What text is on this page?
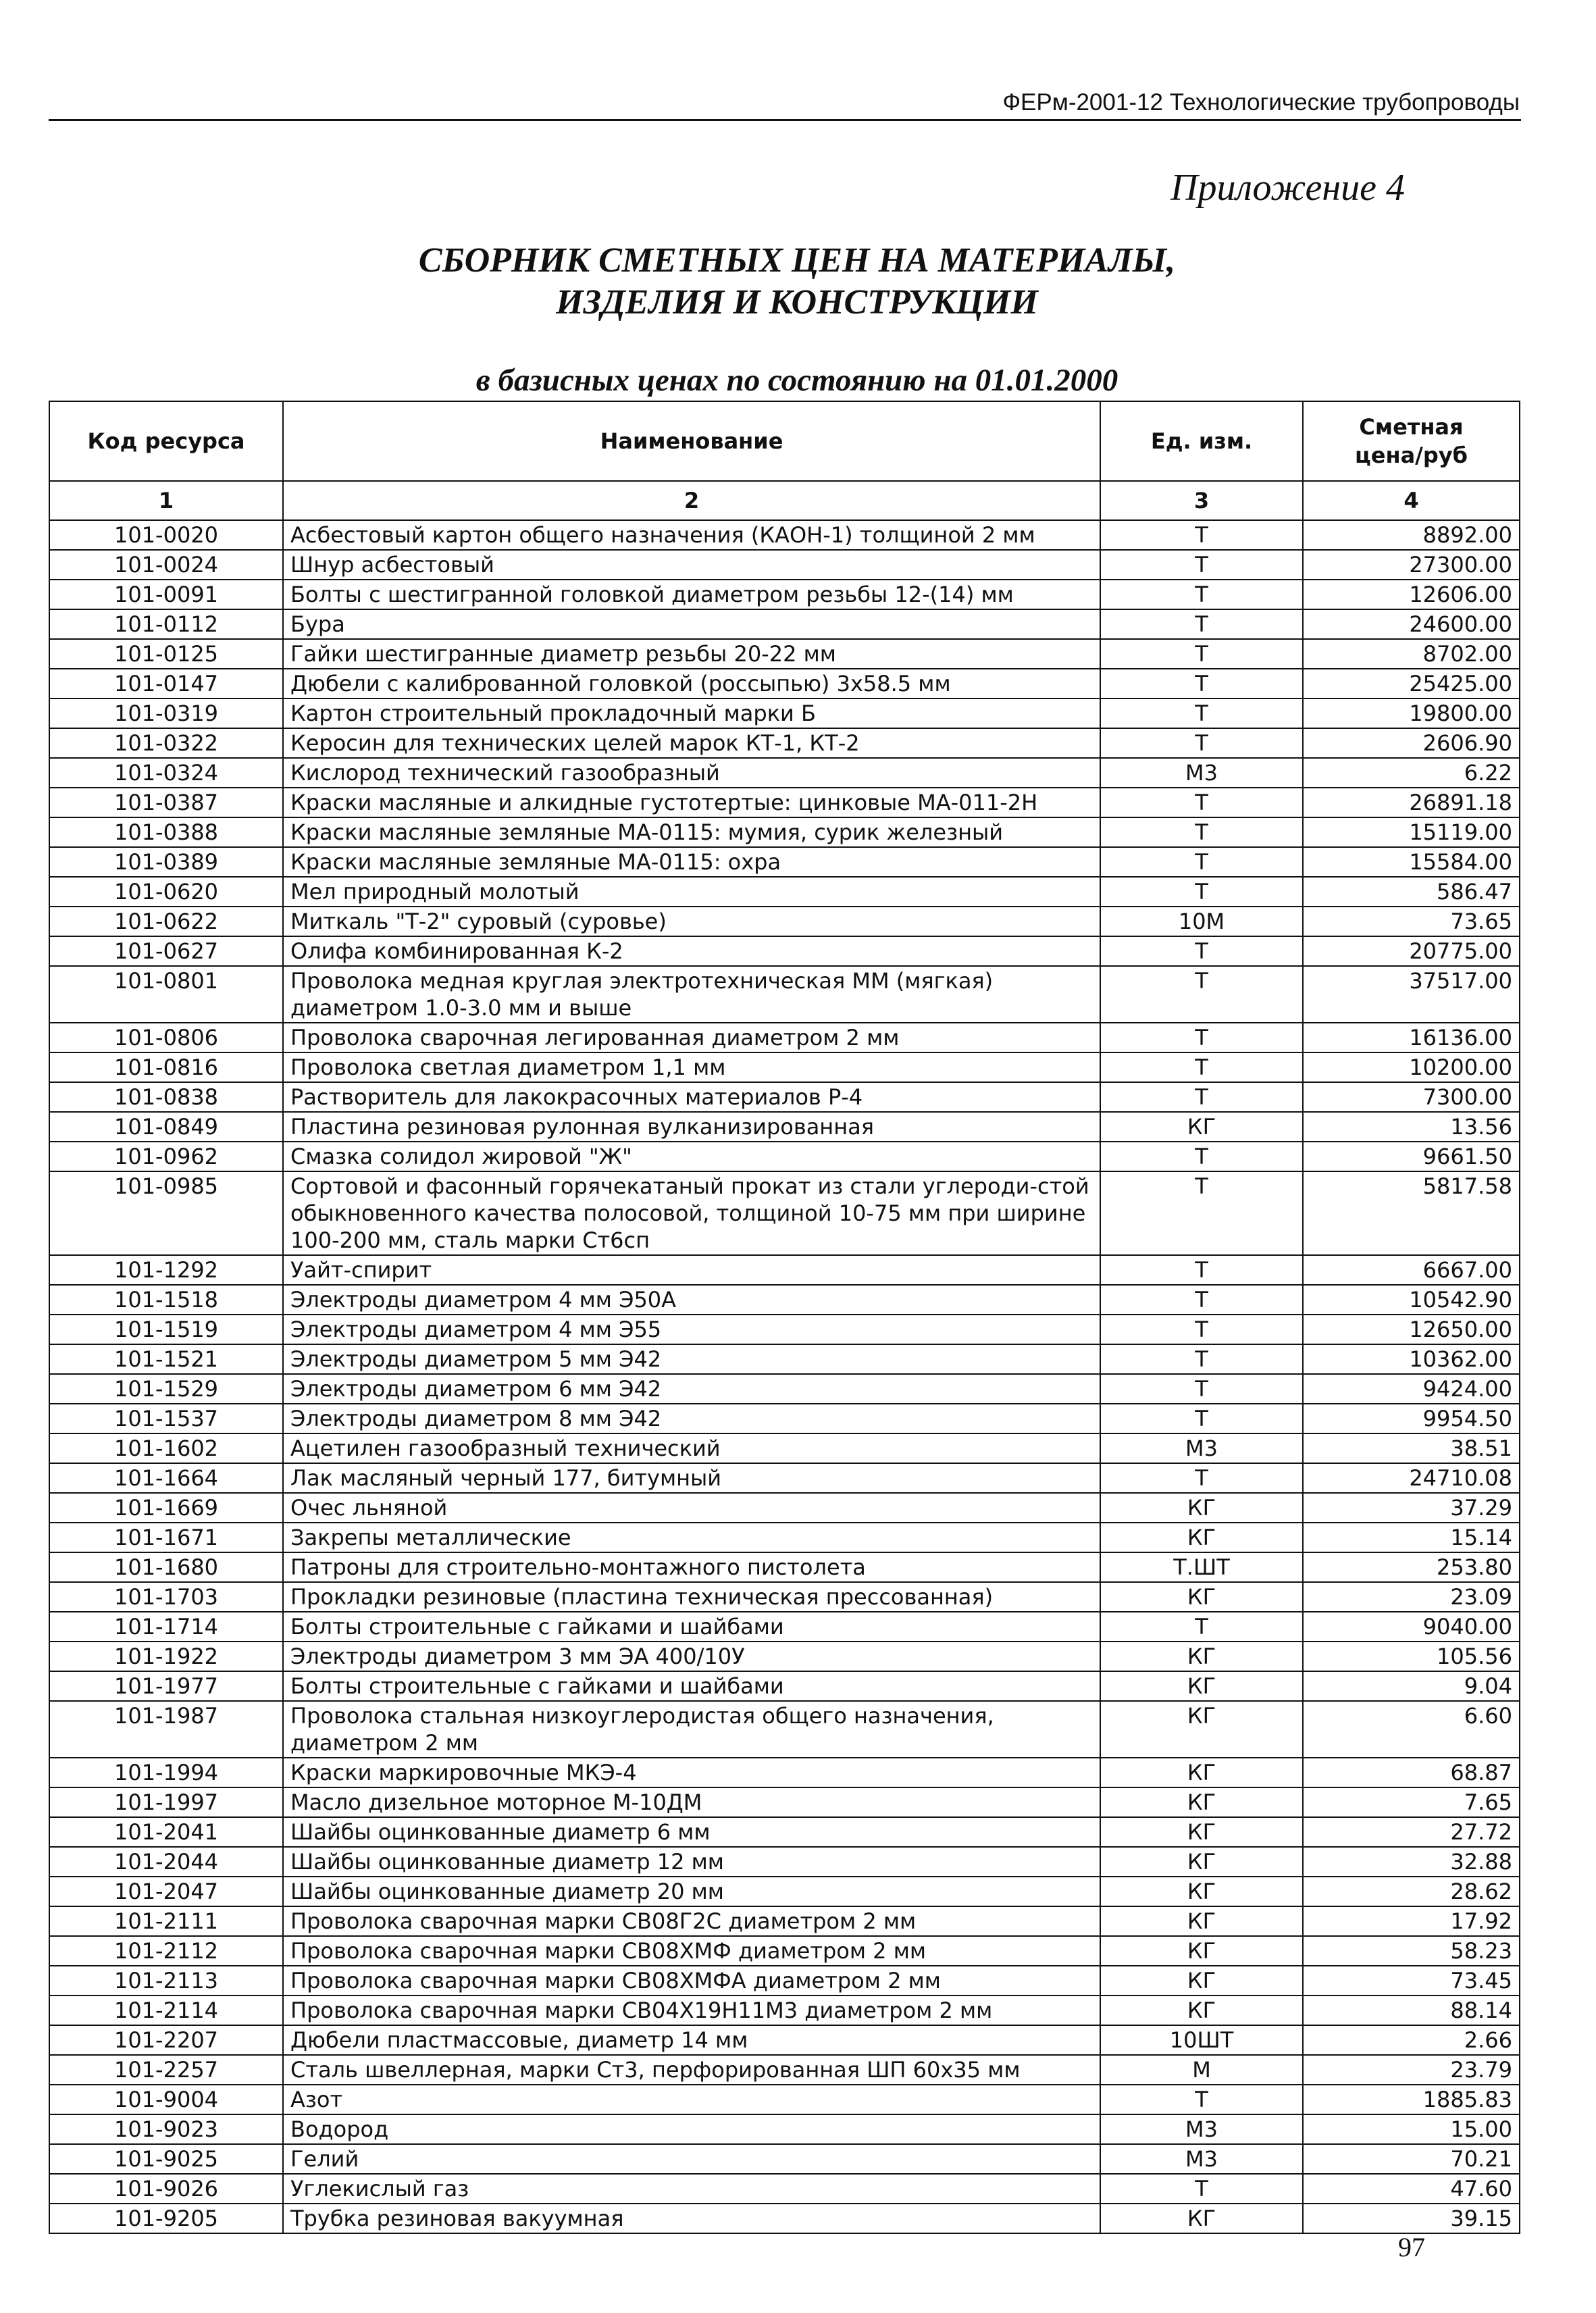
ФЕРм-2001-12 Технологические трубопроводы
Приложение 4
СБОРНИК СМЕТНЫХ ЦЕН НА МАТЕРИАЛЫ,
ИЗДЕЛИЯ И КОНСТРУКЦИИ
в базисных ценах по состоянию на 01.01.2000
Код ресурса	Наименование	Ед. изм.	Сметная
цена/руб

1	2	3	4
101-0020	Асбестовый картон общего назначения (КАОН-1) толщиной 2 мм	Т	8892.00
101-0024	Шнур асбестовый	Т	27300.00
101-0091	Болты с шестигранной головкой диаметром резьбы 12-(14) мм	Т	12606.00
101-0112	Бура	Т	24600.00
101-0125	Гайки шестигранные диаметр резьбы 20-22 мм	Т	8702.00
101-0147	Дюбели с калиброванной головкой (россыпью) 3х58.5 мм	Т	25425.00
101-0319	Картон строительный прокладочный марки Б	Т	19800.00
101-0322	Керосин для технических целей марок КТ-1, КТ-2	Т	2606.90
101-0324	Кислород технический газообразный	М3	6.22
101-0387	Краски масляные и алкидные густотертые: цинковые МА-011-2Н	Т	26891.18
101-0388	Краски масляные земляные МА-0115: мумия, сурик железный	Т	15119.00
101-0389	Краски масляные земляные МА-0115: охра	Т	15584.00
101-0620	Мел природный молотый	Т	586.47
101-0622	Миткаль "Т-2" суровый (суровье)	10М	73.65
101-0627	Олифа комбинированная К-2	Т	20775.00
101-0801	Проволока медная круглая электротехническая ММ (мягкая) диаметром 1.0-3.0 мм и выше	Т	37517.00
101-0806	Проволока сварочная легированная диаметром 2 мм	Т	16136.00
101-0816	Проволока светлая диаметром 1,1 мм	Т	10200.00
101-0838	Растворитель для лакокрасочных материалов Р-4	Т	7300.00
101-0849	Пластина резиновая рулонная вулканизированная	КГ	13.56
101-0962	Смазка солидол жировой "Ж"	Т	9661.50
101-0985	Сортовой и фасонный горячекатаный прокат из стали углероди-стой обыкновенного качества полосовой, толщиной 10-75 мм при ширине 100-200 мм, сталь марки Ст6сп	Т	5817.58
101-1292	Уайт-спирит	Т	6667.00
101-1518	Электроды диаметром 4 мм Э50А	Т	10542.90
101-1519	Электроды диаметром 4 мм Э55	Т	12650.00
101-1521	Электроды диаметром 5 мм Э42	Т	10362.00
101-1529	Электроды диаметром 6 мм Э42	Т	9424.00
101-1537	Электроды диаметром 8 мм Э42	Т	9954.50
101-1602	Ацетилен газообразный технический	М3	38.51
101-1664	Лак масляный черный 177, битумный	Т	24710.08
101-1669	Очес льняной	КГ	37.29
101-1671	Закрепы металлические	КГ	15.14
101-1680	Патроны для строительно-монтажного пистолета	Т.ШТ	253.80
101-1703	Прокладки резиновые (пластина техническая прессованная)	КГ	23.09
101-1714	Болты строительные с гайками и шайбами	Т	9040.00
101-1922	Электроды диаметром 3 мм ЭА 400/10У	КГ	105.56
101-1977	Болты строительные с гайками и шайбами	КГ	9.04
101-1987	Проволока стальная низкоуглеродистая общего назначения, диаметром 2 мм	КГ	6.60
101-1994	Краски маркировочные МКЭ-4	КГ	68.87
101-1997	Масло дизельное моторное М-10ДМ	КГ	7.65
101-2041	Шайбы оцинкованные диаметр 6 мм	КГ	27.72
101-2044	Шайбы оцинкованные диаметр 12 мм	КГ	32.88
101-2047	Шайбы оцинкованные диаметр 20 мм	КГ	28.62
101-2111	Проволока сварочная марки СВ08Г2С диаметром 2 мм	КГ	17.92
101-2112	Проволока сварочная марки СВ08ХМФ диаметром 2 мм	КГ	58.23
101-2113	Проволока сварочная марки СВ08ХМФА диаметром 2 мм	КГ	73.45
101-2114	Проволока сварочная марки СВ04Х19Н11М3 диаметром 2 мм	КГ	88.14
101-2207	Дюбели пластмассовые, диаметр 14 мм	10ШТ	2.66
101-2257	Сталь швеллерная, марки Ст3, перфорированная ШП 60х35 мм	М	23.79
101-9004	Азот	Т	1885.83
101-9023	Водород	М3	15.00
101-9025	Гелий	М3	70.21
101-9026	Углекислый газ	Т	47.60
101-9205	Трубка резиновая вакуумная	КГ	39.15
97
